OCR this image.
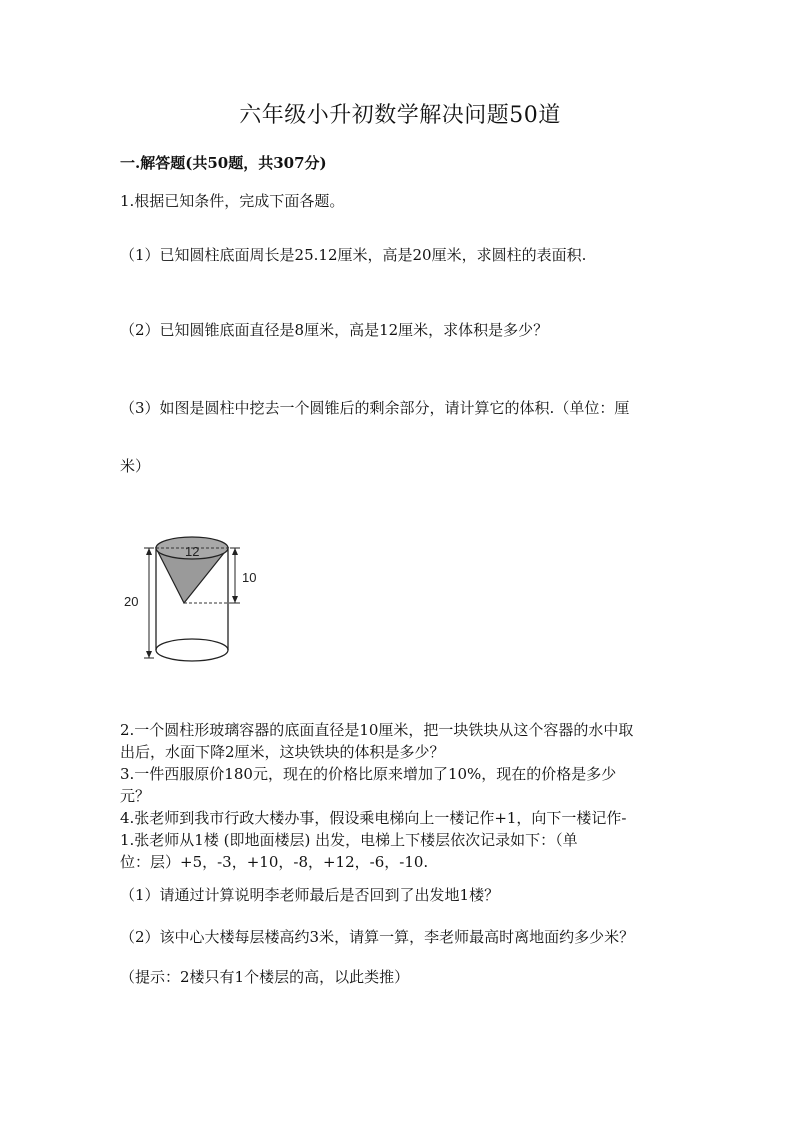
六年级小升初数学解决问题50道
一.解答题(共50题，共307分)
1.根据已知条件，完成下面各题。
（1）已知圆柱底面周长是25.12厘米，高是20厘米，求圆柱的表面积.
（2）已知圆锥底面直径是8厘米，高是12厘米，求体积是多少？
（3）如图是圆柱中挖去一个圆锥后的剩余部分，请计算它的体积.（单位：厘
米）
12
10
20
2.一个圆柱形玻璃容器的底面直径是10厘米，把一块铁块从这个容器的水中取
出后，水面下降2厘米，这块铁块的体积是多少？
3.一件西服原价180元，现在的价格比原来增加了10%，现在的价格是多少
元？
4.张老师到我市行政大楼办事，假设乘电梯向上一楼记作+1，向下一楼记作-
1.张老师从1楼 (即地面楼层) 出发，电梯上下楼层依次记录如下：（单
位：层）+5，-3，+10，-8，+12，-6，-10.
（1）请通过计算说明李老师最后是否回到了出发地1楼？
（2）该中心大楼每层楼高约3米，请算一算，李老师最高时离地面约多少米？
（提示：2楼只有1个楼层的高，以此类推）
